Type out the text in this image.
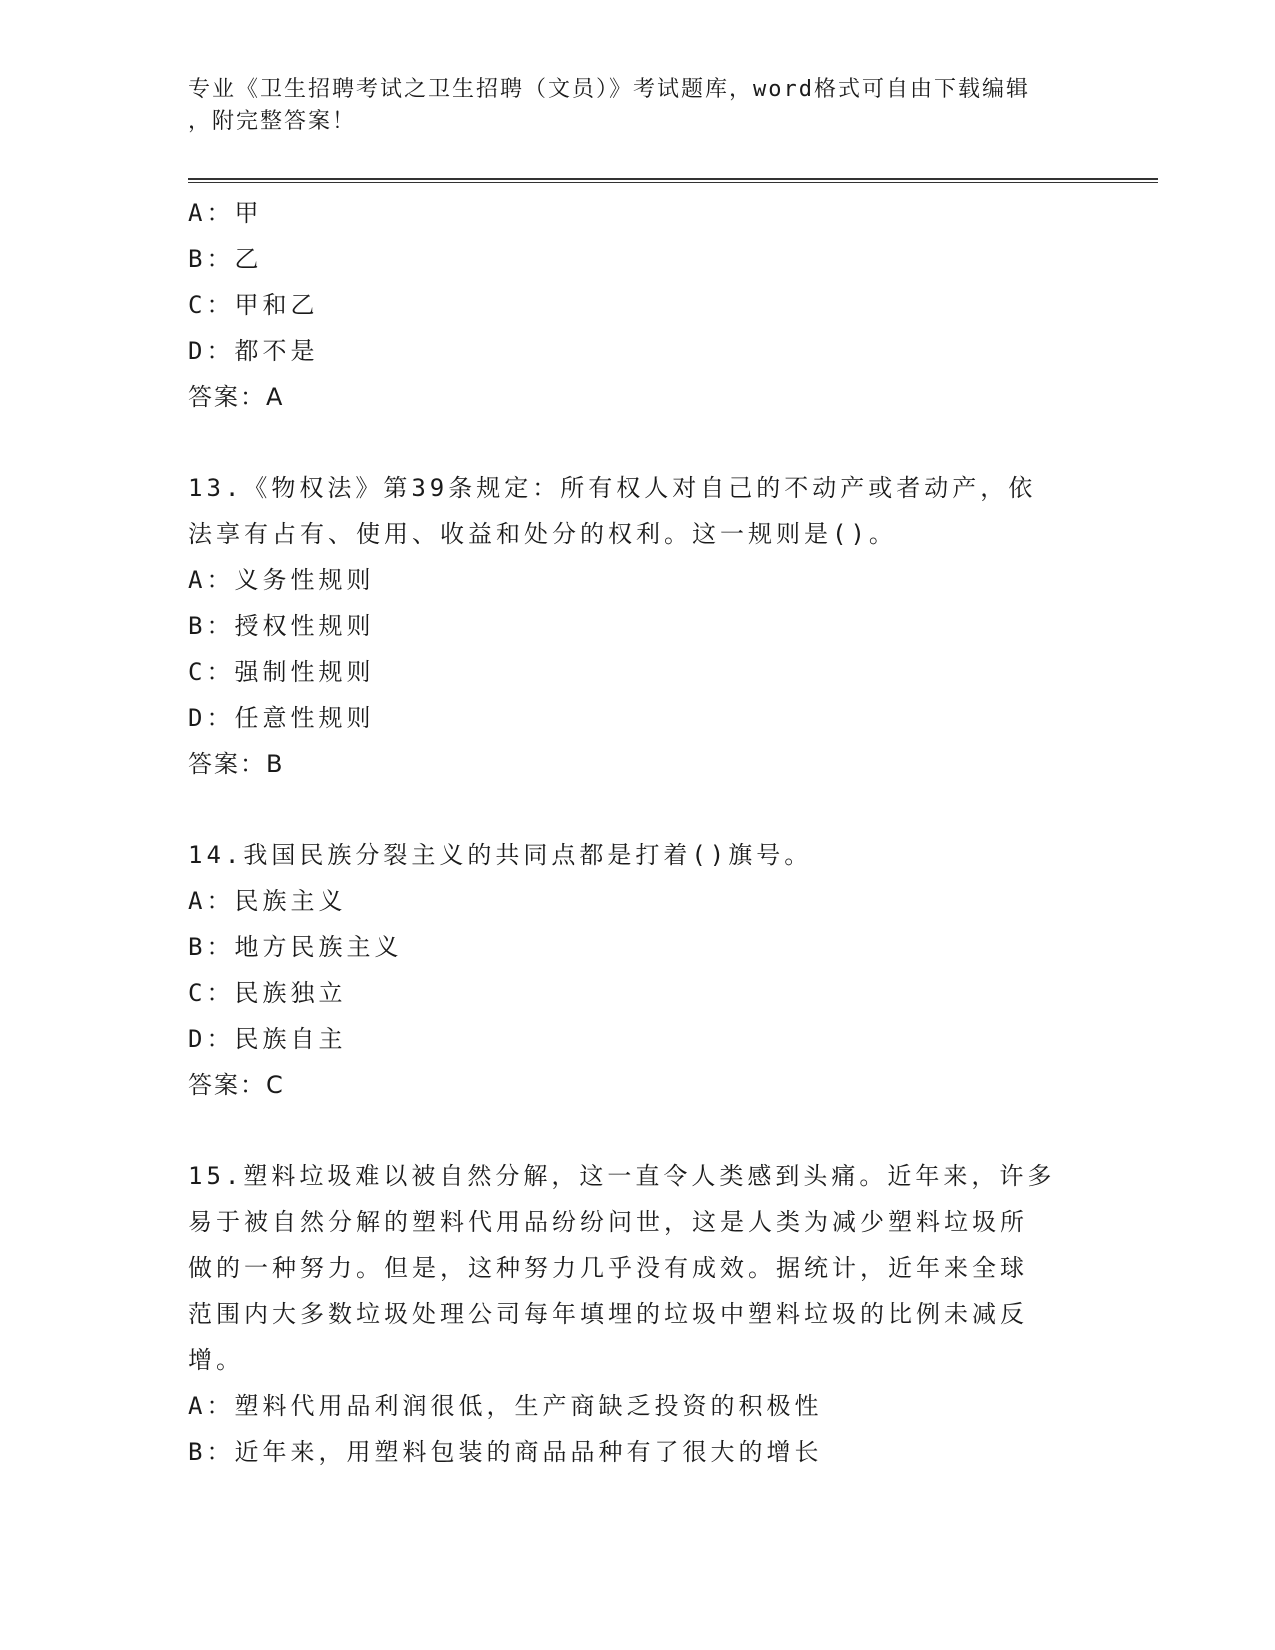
专业《卫生招聘考试之卫生招聘（文员）》考试题库，word格式可自由下载编辑
，附完整答案！
A：甲
B：乙
C：甲和乙
D：都不是
答案：A
13.《物权法》第39条规定：所有权人对自己的不动产或者动产，依
法享有占有、使用、收益和处分的权利。这一规则是()。
A：义务性规则
B：授权性规则
C：强制性规则
D：任意性规则
答案：B
14.我国民族分裂主义的共同点都是打着()旗号。
A：民族主义
B：地方民族主义
C：民族独立
D：民族自主
答案：C
15.塑料垃圾难以被自然分解，这一直令人类感到头痛。近年来，许多
易于被自然分解的塑料代用品纷纷问世，这是人类为减少塑料垃圾所
做的一种努力。但是，这种努力几乎没有成效。据统计，近年来全球
范围内大多数垃圾处理公司每年填埋的垃圾中塑料垃圾的比例未减反
增。
A：塑料代用品利润很低，生产商缺乏投资的积极性
B：近年来，用塑料包装的商品品种有了很大的增长
